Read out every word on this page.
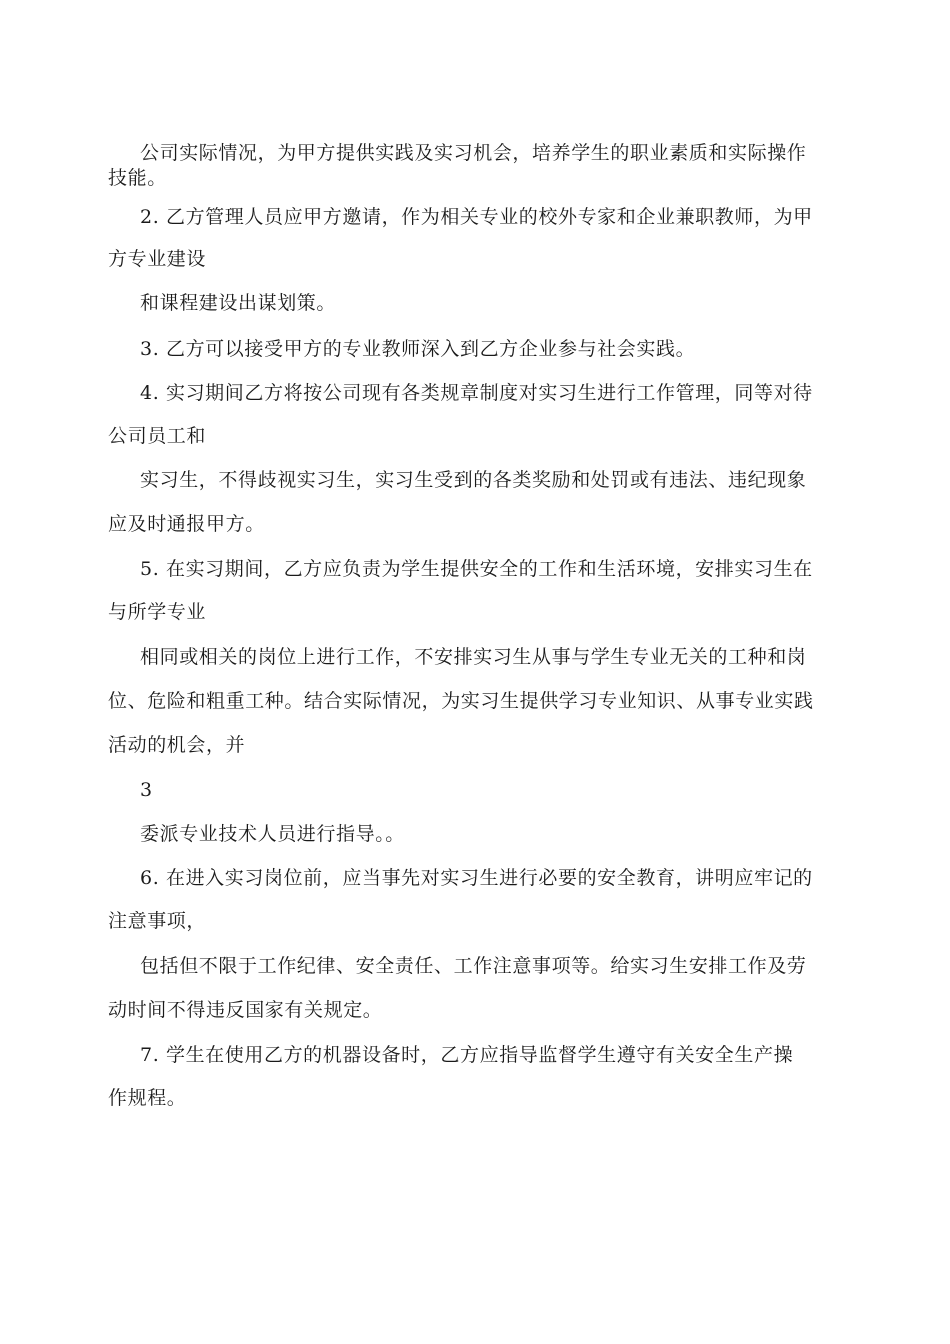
公司实际情况，为甲方提供实践及实习机会，培养学生的职业素质和实际操作
技能。
2. 乙方管理人员应甲方邀请，作为相关专业的校外专家和企业兼职教师，为甲
方专业建设
和课程建设出谋划策。
3. 乙方可以接受甲方的专业教师深入到乙方企业参与社会实践。
4. 实习期间乙方将按公司现有各类规章制度对实习生进行工作管理，同等对待
公司员工和
实习生，不得歧视实习生，实习生受到的各类奖励和处罚或有违法、违纪现象
应及时通报甲方。
5. 在实习期间，乙方应负责为学生提供安全的工作和生活环境，安排实习生在
与所学专业
相同或相关的岗位上进行工作，不安排实习生从事与学生专业无关的工种和岗
位、危险和粗重工种。结合实际情况，为实习生提供学习专业知识、从事专业实践
活动的机会，并
3
委派专业技术人员进行指导。。
6. 在进入实习岗位前，应当事先对实习生进行必要的安全教育，讲明应牢记的
注意事项，
包括但不限于工作纪律、安全责任、工作注意事项等。给实习生安排工作及劳
动时间不得违反国家有关规定。
7. 学生在使用乙方的机器设备时，乙方应指导监督学生遵守有关安全生产操
作规程。
